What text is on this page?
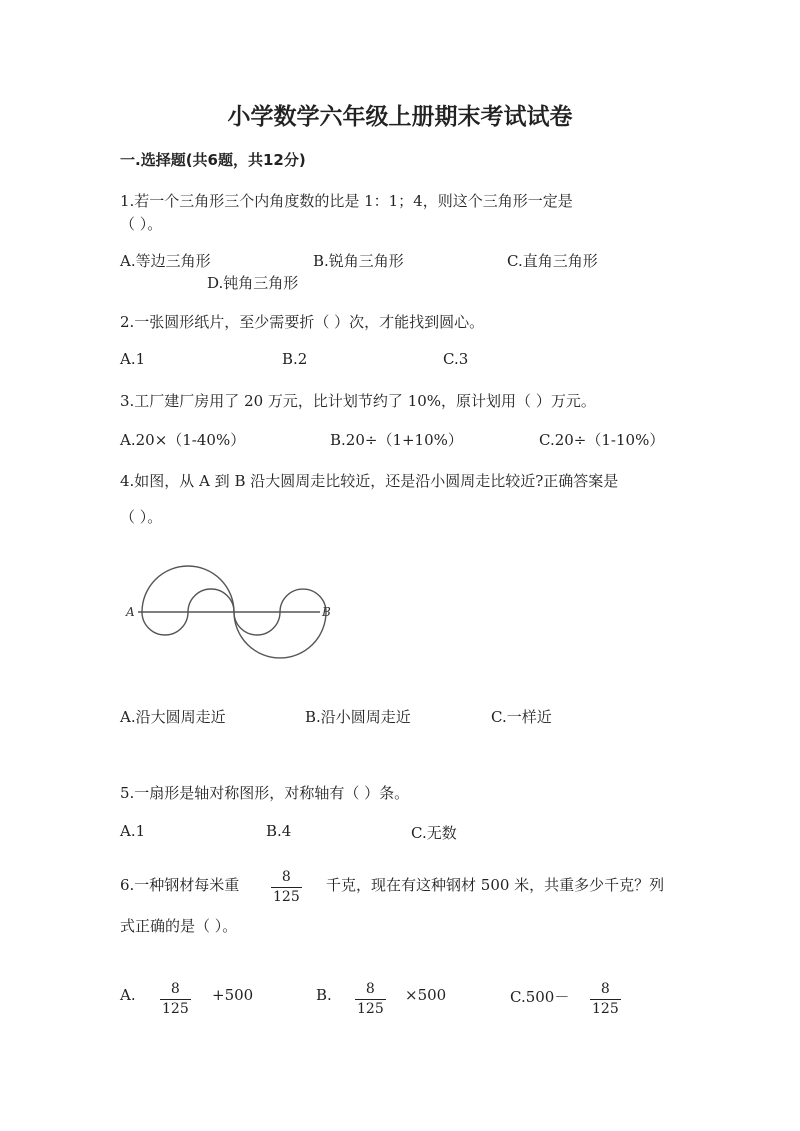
小学数学六年级上册期末考试试卷
一.选择题(共6题，共12分)
1.若一个三角形三个内角度数的比是 1：1；4，则这个三角形一定是
（ ）。
A.等边三角形	B.锐角三角形	C.直角三角形
D.钝角三角形
2.一张圆形纸片，至少需要折（ ）次，才能找到圆心。
A.1	B.2	C.3
3.工厂建厂房用了 20 万元，比计划节约了 10%，原计划用（ ）万元。
A.20×（1-40%）	B.20÷（1+10%）	C.20÷（1-10%）
4.如图，从 A 到 B 沿大圆周走比较近，还是沿小圆周走比较近?正确答案是
（ ）。
A	B
A.沿大圆周走近	B.沿小圆周走近	C.一样近
5.一扇形是轴对称图形，对称轴有（ ）条。
A.1	B.4	C.无数
6.一种钢材每米重 $\frac{8}{125}$ 千克，现在有这种钢材 500 米，共重多少千克？列
式正确的是（ ）。
A. $\frac{8}{125} +500$	B. $\frac{8}{125} \times 500$	$C.500- \frac{8}{125}$
